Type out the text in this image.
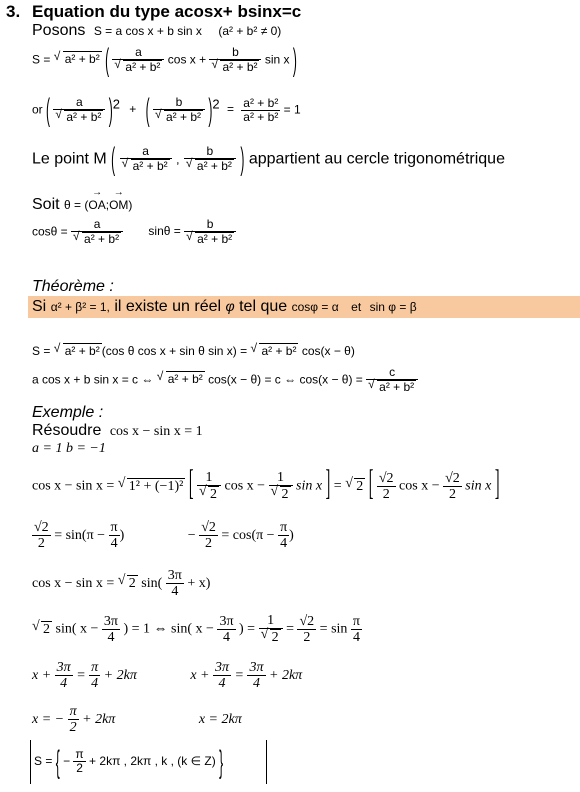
3. Equation du type acosx+ bsinx=c
Posons S = a cos x + b sin x (a² + b² ≠ 0)
S = √ a² + b² ( a
√ a² + b² cos x + b
√ a² + b² sin x )
or ( a
√ a² + b² )$^2$ + ( b
√ a² + b² )$^2 = \frac{\text{a² + b²}}{\text{a² + b²}} = 1$
Le point M ( a
√ a² + b² , b
√ a² + b² ) appartient au cercle trigonométrique
Soit θ = (→ OA;→ OM)
cosθ = a
√ a² + b² sinθ = b
√ a² + b²
Théorème :
Si α² + β² = 1, il existe un réel φ tel que cosφ = α et sin φ = β
S = √ a² + b² (cos θ cos x + sin θ sin x) = √ a² + b² cos(x − θ)
a cos x + b sin x = c ⇔ √ a² + b² cos(x − θ) = c ⇔ cos(x − θ) = c
√ a² + b²
Exemple :
Résoudre cos x − sin x = 1
a = 1 b = −1
cos x − sin x = √ 1² + (−1)² [ 1
√ 2 cos x − 1
√ 2 sin x ] = √ 2 [ $\frac{√2}{2}$ $\cos x - \frac{√2}{2}$ sin x ]
$\frac{√2}{2} = \sin(\pi - \frac{\pi}{4}$ )	− $\frac{√2}{2} = \cos(\pi - \frac{\pi}{4}$ )
cos x − sin x = √ 2 $\sin( \frac{3\pi}{4} + x)$
√ 2 sin( $x - \frac{3\pi}{4}$ ) = 1 ⇔ sin( $x - \frac{3\pi}{4}$ ) = 1
√ $2 = \frac{√2}{2} = \sin \frac{\pi}{4}$
$x + \frac{3\pi}{4} = \frac{\pi}{4} + 2k\pi$	$x + \frac{3\pi}{4} = \frac{3\pi}{4} + 2k\pi$
x = − $\frac{\pi}{2} + 2k\pi$	x = 2kπ
S = { − $\frac{\pi}{2} + 2k\pi$ , 2kπ , k , (k ∈ Z) }
